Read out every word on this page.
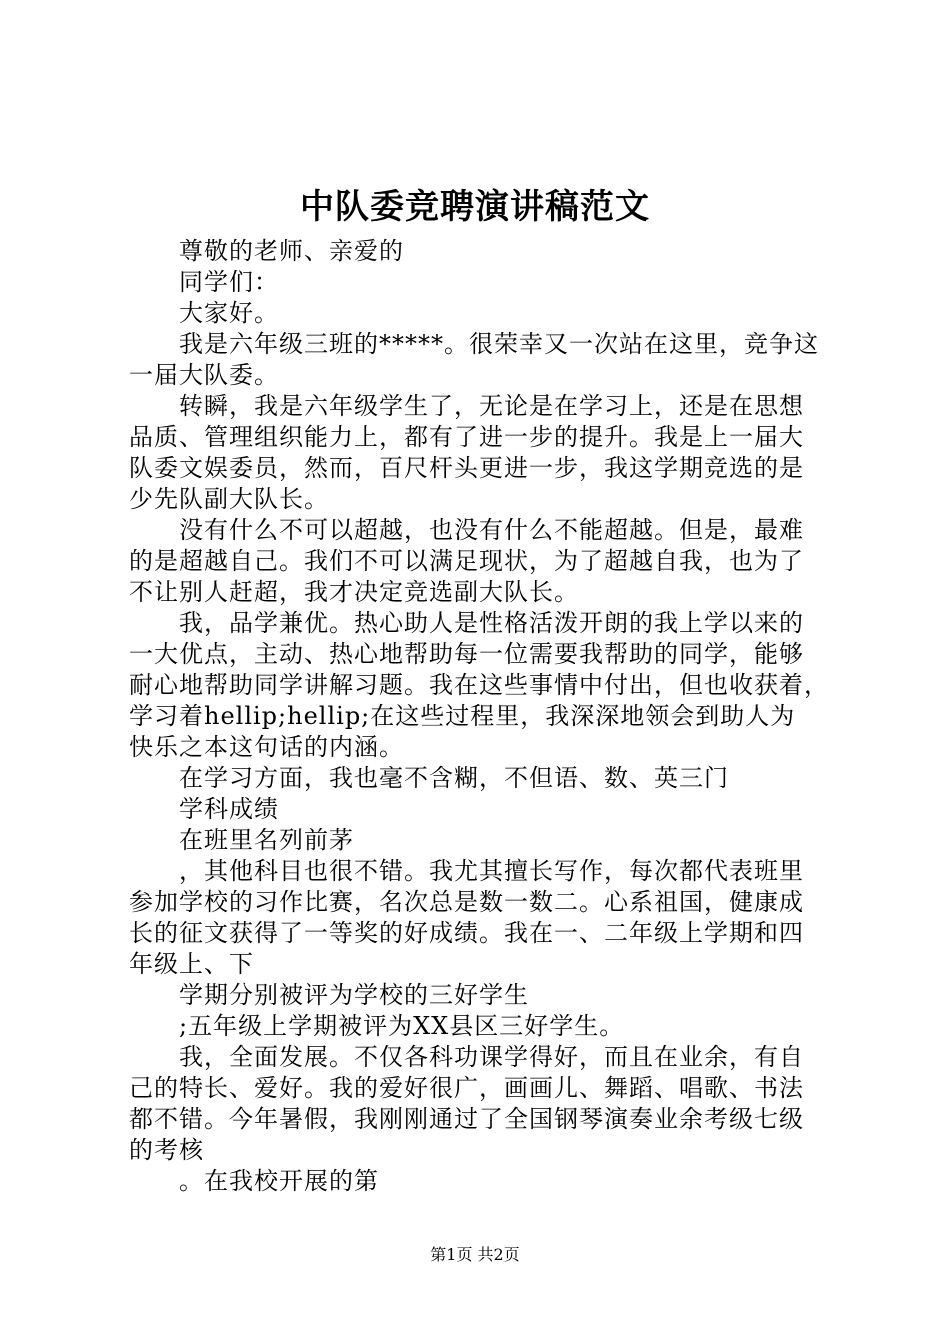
中队委竞聘演讲稿范文
尊敬的老师、亲爱的
同学们：
大家好。
我是六年级三班的*****。很荣幸又一次站在这里，竞争这
一届大队委。
转瞬，我是六年级学生了，无论是在学习上，还是在思想
品质、管理组织能力上，都有了进一步的提升。我是上一届大
队委文娱委员，然而，百尺杆头更进一步，我这学期竞选的是
少先队副大队长。
没有什么不可以超越，也没有什么不能超越。但是，最难
的是超越自己。我们不可以满足现状，为了超越自我，也为了
不让别人赶超，我才决定竞选副大队长。
我，品学兼优。热心助人是性格活泼开朗的我上学以来的
一大优点，主动、热心地帮助每一位需要我帮助的同学，能够
耐心地帮助同学讲解习题。我在这些事情中付出，但也收获着，
学习着hellip;hellip;在这些过程里，我深深地领会到助人为
快乐之本这句话的内涵。
在学习方面，我也毫不含糊，不但语、数、英三门
学科成绩
在班里名列前茅
，其他科目也很不错。我尤其擅长写作，每次都代表班里
参加学校的习作比赛，名次总是数一数二。心系祖国，健康成
长的征文获得了一等奖的好成绩。我在一、二年级上学期和四
年级上、下
学期分别被评为学校的三好学生
;五年级上学期被评为XX县区三好学生。
我，全面发展。不仅各科功课学得好，而且在业余，有自
己的特长、爱好。我的爱好很广，画画儿、舞蹈、唱歌、书法
都不错。今年暑假，我刚刚通过了全国钢琴演奏业余考级七级
的考核
。在我校开展的第
第1页 共2页
